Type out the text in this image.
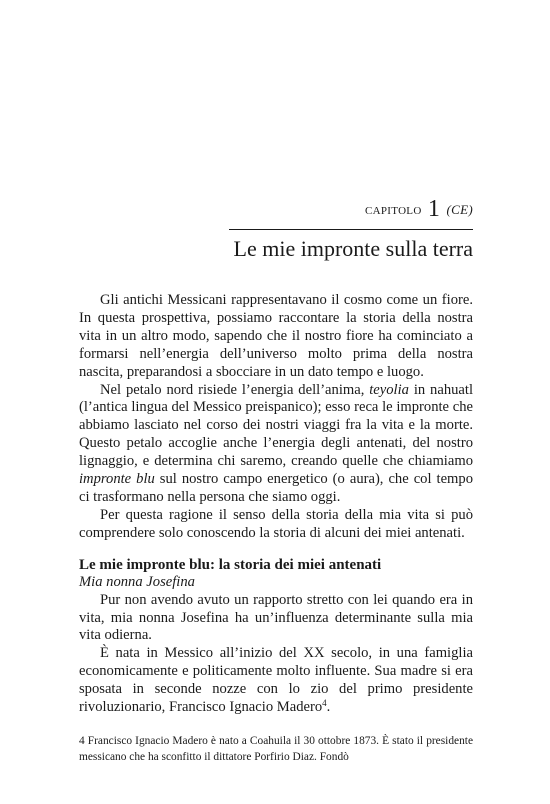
CAPITOLO 1 (CE)
Le mie impronte sulla terra

Gli antichi Messicani rappresentavano il cosmo come un fiore. In questa prospettiva, possiamo raccontare la storia della nostra vita in un altro modo, sapendo che il nostro fiore ha cominciato a formarsi nell’energia dell’universo molto prima della nostra nascita, preparandosi a sbocciare in un dato tempo e luogo.

Nel petalo nord risiede l’energia dell’anima, teyolia in nahuatl (l’antica lingua del Messico preispanico); esso reca le impronte che abbiamo lasciato nel corso dei nostri viaggi fra la vita e la morte. Questo petalo accoglie anche l’energia degli antenati, del nostro lignaggio, e determina chi saremo, creando quelle che chiamiamo impronte blu sul nostro campo energetico (o aura), che col tempo ci trasformano nella persona che siamo oggi.

Per questa ragione il senso della storia della mia vita si può comprendere solo conoscendo la storia di alcuni dei miei antenati.

Le mie impronte blu: la storia dei miei antenati
Mia nonna Josefina

Pur non avendo avuto un rapporto stretto con lei quando era in vita, mia nonna Josefina ha un’influenza determinante sulla mia vita odierna.

È nata in Messico all’inizio del XX secolo, in una famiglia economicamente e politicamente molto influente. Sua madre si era sposata in seconde nozze con lo zio del primo presidente rivoluzionario, Francisco Ignacio Madero$^4$.

4 Francisco Ignacio Madero è nato a Coahuila il 30 ottobre 1873. È stato il presidente messicano che ha sconfitto il dittatore Porfirio Diaz. Fondò
